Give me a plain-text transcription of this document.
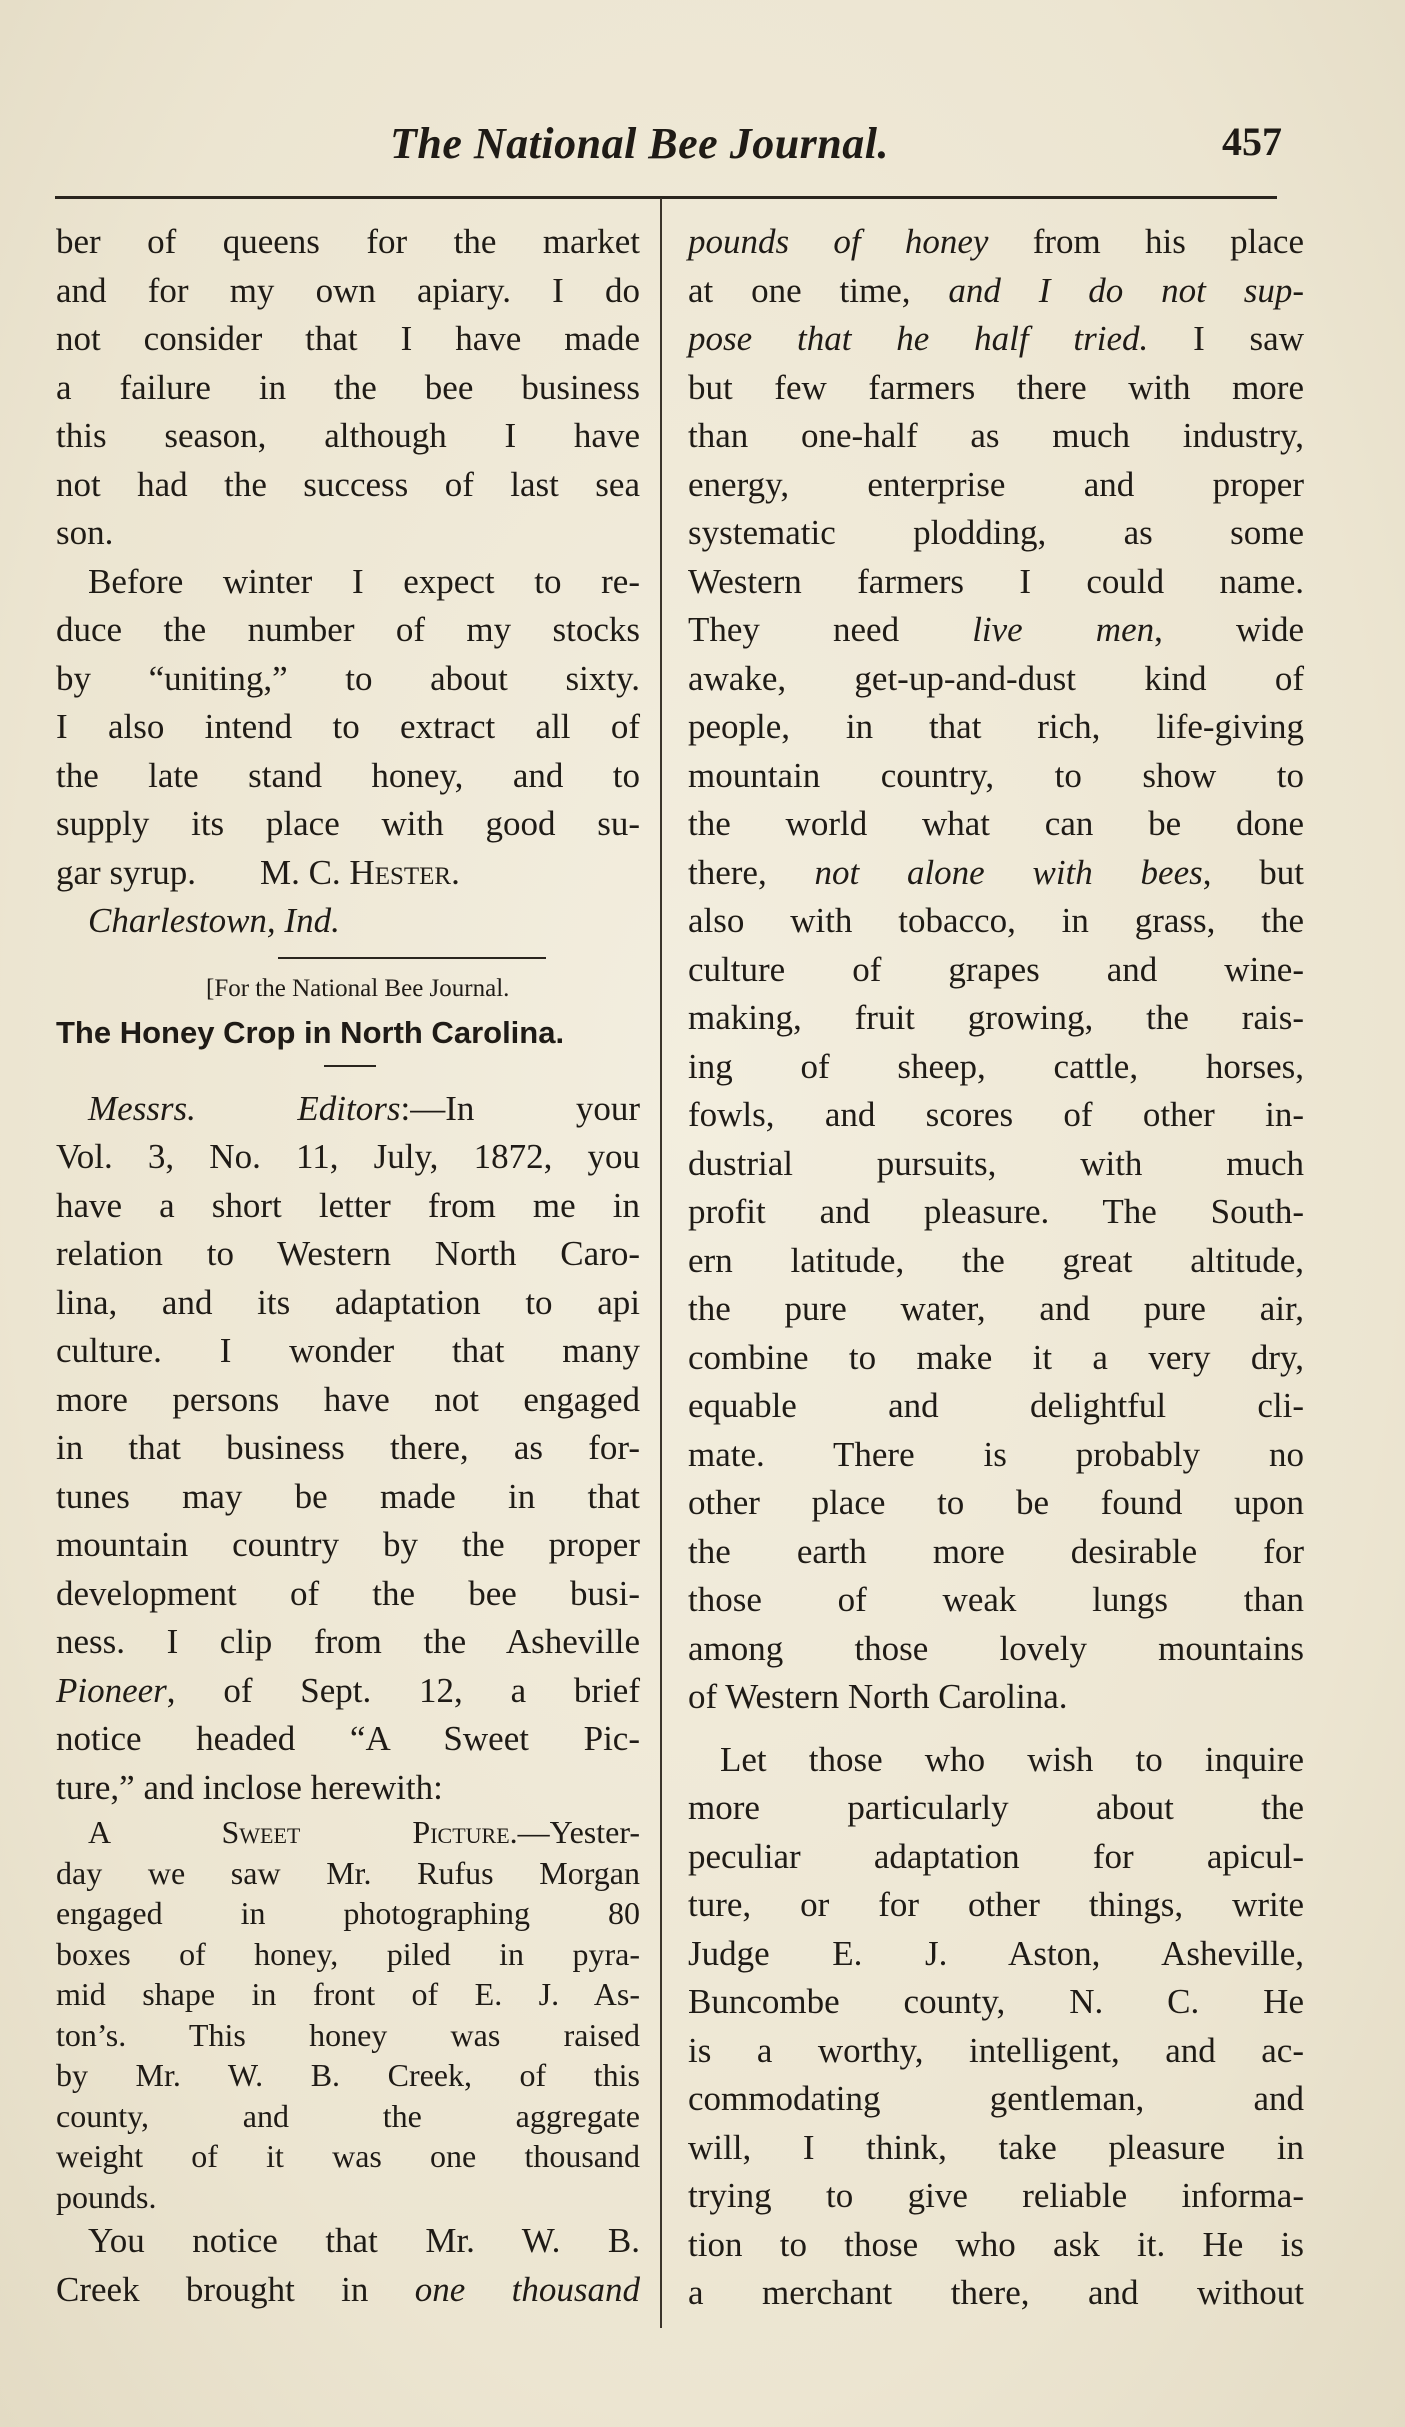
The National Bee Journal.	457
ber of queens for the market
and for my own apiary. I do
not consider that I have made
a failure in the bee business
this season, although I have
not had the success of last sea
son.
Before winter I expect to re-
duce the number of my stocks
by “uniting,” to about sixty.
I also intend to extract all of
the late stand honey, and to
supply its place with good su-
gar syrup. M. C. Hester.
Charlestown, Ind.
[For the National Bee Journal.
The Honey Crop in North Carolina.
Messrs. Editors:—In your
Vol. 3, No. 11, July, 1872, you
have a short letter from me in
relation to Western North Caro-
lina, and its adaptation to api
culture. I wonder that many
more persons have not engaged
in that business there, as for-
tunes may be made in that
mountain country by the proper
development of the bee busi-
ness. I clip from the Asheville
Pioneer, of Sept. 12, a brief
notice headed “A Sweet Pic-
ture,” and inclose herewith:
A Sweet Picture.—Yester-
day we saw Mr. Rufus Morgan
engaged in photographing 80
boxes of honey, piled in pyra-
mid shape in front of E. J. As-
ton’s. This honey was raised
by Mr. W. B. Creek, of this
county, and the aggregate
weight of it was one thousand
pounds.
You notice that Mr. W. B.
Creek brought in one thousand
pounds of honey from his place
at one time, and I do not sup-
pose that he half tried. I saw
but few farmers there with more
than one-half as much industry,
energy, enterprise and proper
systematic plodding, as some
Western farmers I could name.
They need live men, wide
awake, get-up-and-dust kind of
people, in that rich, life-giving
mountain country, to show to
the world what can be done
there, not alone with bees, but
also with tobacco, in grass, the
culture of grapes and wine-
making, fruit growing, the rais-
ing of sheep, cattle, horses,
fowls, and scores of other in-
dustrial pursuits, with much
profit and pleasure. The South-
ern latitude, the great altitude,
the pure water, and pure air,
combine to make it a very dry,
equable and delightful cli-
mate. There is probably no
other place to be found upon
the earth more desirable for
those of weak lungs than
among those lovely mountains
of Western North Carolina.
Let those who wish to inquire
more particularly about the
peculiar adaptation for apicul-
ture, or for other things, write
Judge E. J. Aston, Asheville,
Buncombe county, N. C. He
is a worthy, intelligent, and ac-
commodating gentleman, and
will, I think, take pleasure in
trying to give reliable informa-
tion to those who ask it. He is
a merchant there, and without
